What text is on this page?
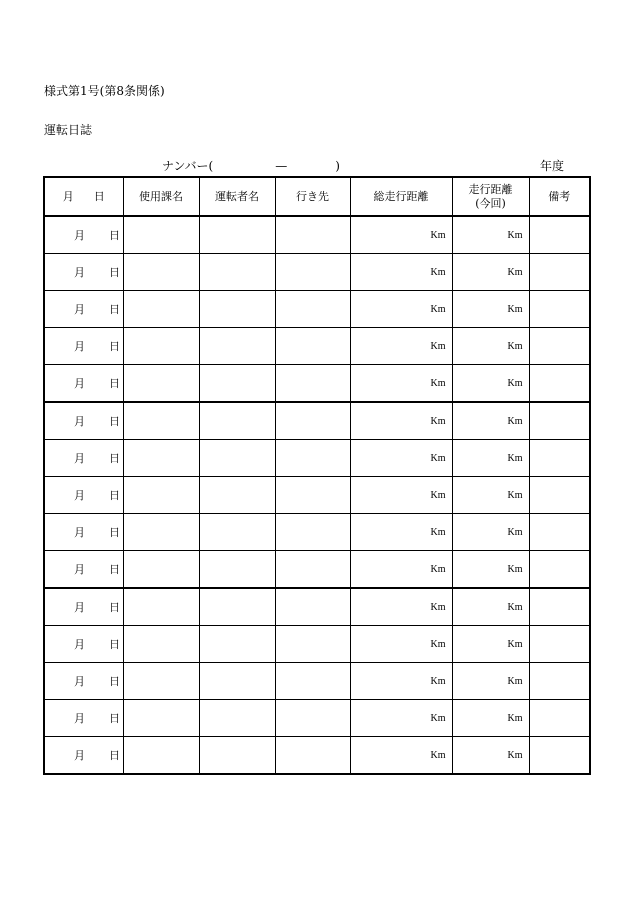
様式第1号(第8条関係)
運転日誌
ナンバー(	—	)	年度
月 日	使用課名	運転者名	行き先	総走行距離	走行距離
(今回)	備考

月 日				Km	Km	

月 日				Km	Km	

月 日				Km	Km	

月 日				Km	Km	

月 日				Km	Km	

月 日				Km	Km	

月 日				Km	Km	

月 日				Km	Km	

月 日				Km	Km	

月 日				Km	Km	

月 日				Km	Km	

月 日				Km	Km	

月 日				Km	Km	

月 日				Km	Km	

月 日				Km	Km	
